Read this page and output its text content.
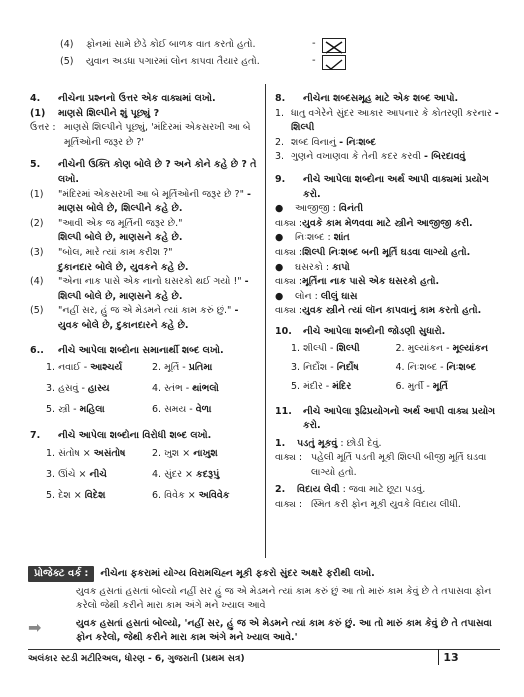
(4)	ફોનમાં સામે છેડે કોઈ બાળક વાત કરતો હતો.
(5)	યુવાન અડધા પગારમાં લોન કાપવા તૈયાર હતો.
-
-
4.	નીચેના પ્રશ્નનો ઉત્તર એક વાક્યમાં લખો.
(1)	માણસે શિલ્પીને શું પૂછ્યું ?
ઉત્તર : માણસે શિલ્પીને પૂછ્યું, 'મંદિરમાં એકસરખી આ બે મૂર્તિઓની જરૂર છે ?'
5.	નીચેની ઉક્તિ કોણ બોલે છે ? અને કોને કહે છે ? તે લખો.
(1)	"મંદિરમાં એકસરખી આ બે મૂર્તિઓની જરૂર છે ?" - માણસ બોલે છે, શિલ્પીને કહે છે.
(2)	"આવી એક જ મૂર્તિની જરૂર છે."
શિલ્પી બોલે છે, માણસને કહે છે.
(3)	"બોલ, મારે ત્યાં કામ કરીશ ?"
દુકાનદાર બોલે છે, યુવકને કહે છે.
(4)	"એના નાક પાસે એક નાનો ઘસરકો થઈ ગયો !" - શિલ્પી બોલે છે, માણસને કહે છે.
(5)	"નહીં સર, હું જ એ મેડમને ત્યાં કામ કરું છું." - યુવક બોલે છે, દુકાનદારને કહે છે.
6..	નીચે આપેલા શબ્દોના સમાનાર્થી શબ્દ લખો.
1. નવાઈ - આશ્ચર્ય	2. મૂર્તિ - પ્રતિમા
3. હસવું - હાસ્ય	4. સ્તંભ - થાંભલો
5. સ્ત્રી - મહિલા	6. સમય - વેળા
7.	નીચે આપેલા શબ્દોના વિરોધી શબ્દ લખો.
1. સંતોષ × અસંતોષ	2. ખુશ × નાખુશ
3. ઊંચે × નીચે	4. સુંદર × કદરૂપું
5. દેશ × વિદેશ	6. વિવેક × અવિવેક
8.	નીચેના શબ્દસમૂહ માટે એક શબ્દ આપો.
1. ધાતુ વગેરેને સુંદર આકાર આપનાર કે કોતરણી કરનાર - શિલ્પી
2. શબ્દ વિનાનું - નિઃશબ્દ
3. ગુણને વખાણવા કે તેની કદર કરવી - બિરદાવવું
9.	નીચે આપેલા શબ્દોના અર્થ આપી વાક્યમાં પ્રયોગ કરો.
●	આજીજી : વિનંતી
વાક્ય :યુવકે કામ મેળવવા માટે સ્ત્રીને આજીજી કરી.
●	નિઃશબ્દ : શાંત
વાક્ય :શિલ્પી નિઃશબ્દ બની મૂર્તિ ઘડવા લાગ્યો હતો.
●	ઘસરકો : કાપો
વાક્ય :મૂર્તિના નાક પાસે એક ઘસરકો હતો.
●	લોન : લીલું ઘાસ
વાક્ય :યુવક સ્ત્રીને ત્યાં લૉન કાપવાનું કામ કરતો હતો.
10.	નીચે આપેલા શબ્દોની જોડણી સુધારો.
1. શીલ્પી - શિલ્પી	2. મુલ્યાંકન - મૂલ્યાંકન
3. નિર્દોશ - નિર્દોષ	4. નિઃશબ્દ - નિઃશબ્દ
5. મંદીર - મંદિર	6. મુર્તી - મૂર્તિ
11.	નીચે આપેલા રૂઢિપ્રયોગનો અર્થ આપી વાક્ય પ્રયોગ કરો.
1.	પડતું મૂકવું : છોડી દેવું.
વાક્ય : પહેલી મૂર્તિ પડતી મૂકી શિલ્પી બીજી મૂર્તિ ઘડવા લાગ્યો હતો.
2.	વિદાય લેવી : જવા માટે છૂટા પડવું.
વાક્ય : સ્મિત કરી ફોન મૂકી યુવકે વિદાય લીધી.
પ્રોજેક્ટ વર્ક :	નીચેના ફકરામાં યોગ્ય વિરામચિહ્ન મૂકી ફકરો સુંદર અક્ષરે ફરીથી લખો.
યુવક હસતાં હસતાં બોલ્યો નહીં સર હું જ એ મેડમને ત્યાં કામ કરું છું આ તો મારું કામ કેવું છે તે તપાસવા ફોન કરેલો જેથી કરીને મારા કામ અંગે મને ખ્યાલ આવે
➡	યુવક હસતાં હસતાં બોલ્યો, 'નહીં સર, હું જ એ મેડમને ત્યાં કામ કરું છું. આ તો મારું કામ કેવું છે તે તપાસવા ફોન કરેલો, જેથી કરીને મારા કામ અંગે મને ખ્યાલ આવે.'
અલંકાર સ્ટડી મટીરિઅલ, ધોરણ - 6, ગુજરાતી (પ્રથમ સત્ર)	13
